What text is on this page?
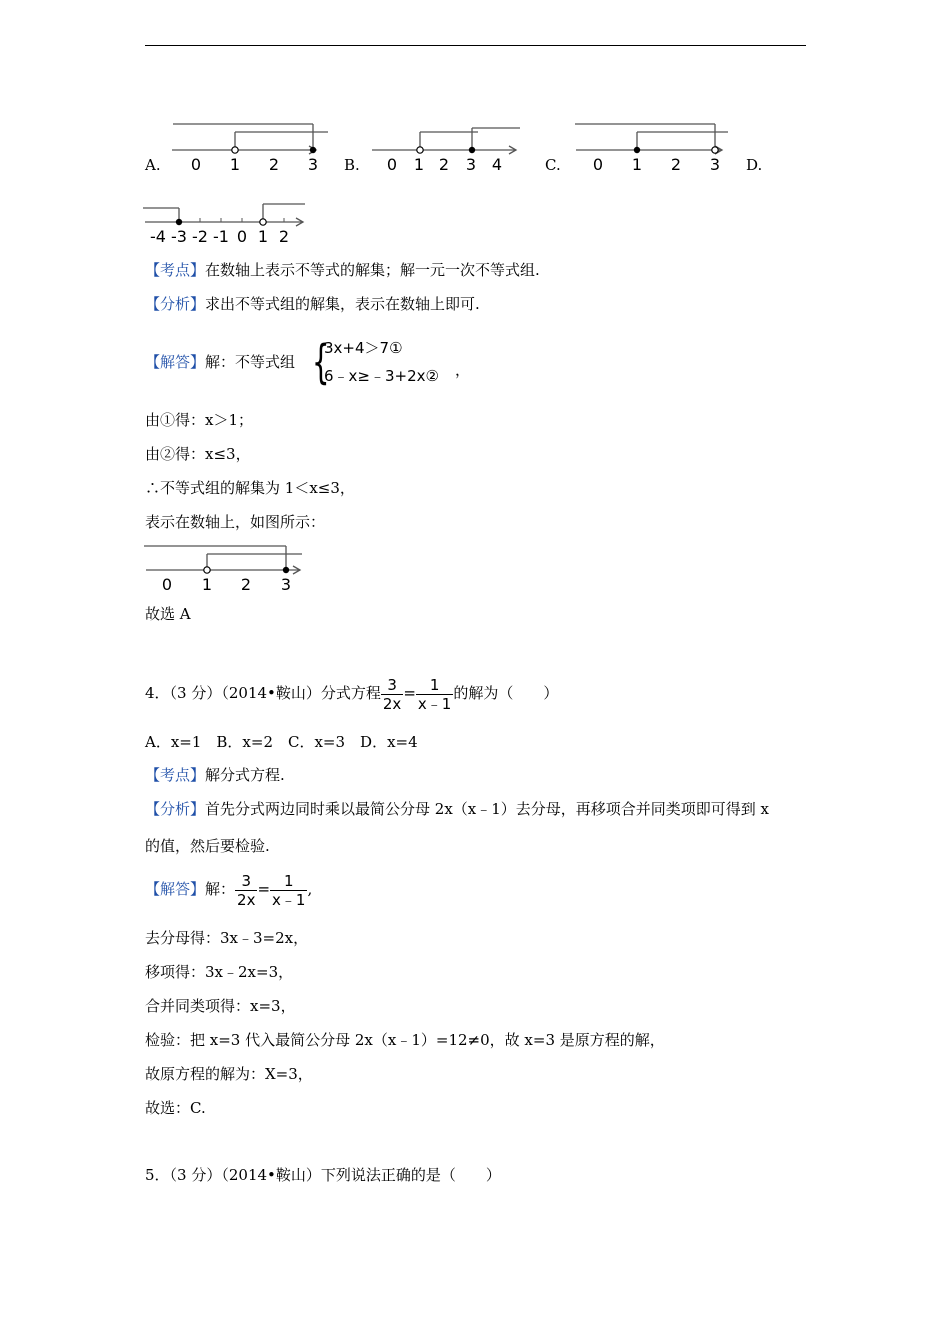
A. 0 1 2 3 B. 0 1 2 3 4	C. 0 1 2 3 D.
-4 -3 -2 -1 0 1 2
【考点】在数轴上表示不等式的解集；解一元一次不等式组.
【分析】求出不等式组的解集，表示在数轴上即可.
【解答】解：不等式组 {
3x+4＞7①
6﹣x≥﹣3+2x② ，
由①得：x＞1；
由②得：x≤3，
∴不等式组的解集为 1＜x≤3，
表示在数轴上，如图所示：
0 1 2 3
故选 A
4．（3 分）（2014•鞍山）分式方程 $\frac{3}{2x} = \frac{1}{x﹣1}$ 的解为（　　）
A．x=1　B．x=2　C．x=3　D．x=4
【考点】解分式方程.
【分析】首先分式两边同时乘以最简公分母 2x（x﹣1）去分母，再移项合并同类项即可得到 x
的值，然后要检验.
【解答】解： $\frac{3}{2x} = \frac{1}{x﹣1}$ ,
去分母得：3x﹣3=2x，
移项得：3x﹣2x=3，
合并同类项得：x=3，
检验：把 x=3 代入最简公分母 2x（x﹣1）=12≠0，故 x=3 是原方程的解，
故原方程的解为：X=3，
故选：C.
5．（3 分）（2014•鞍山）下列说法正确的是（　　）
